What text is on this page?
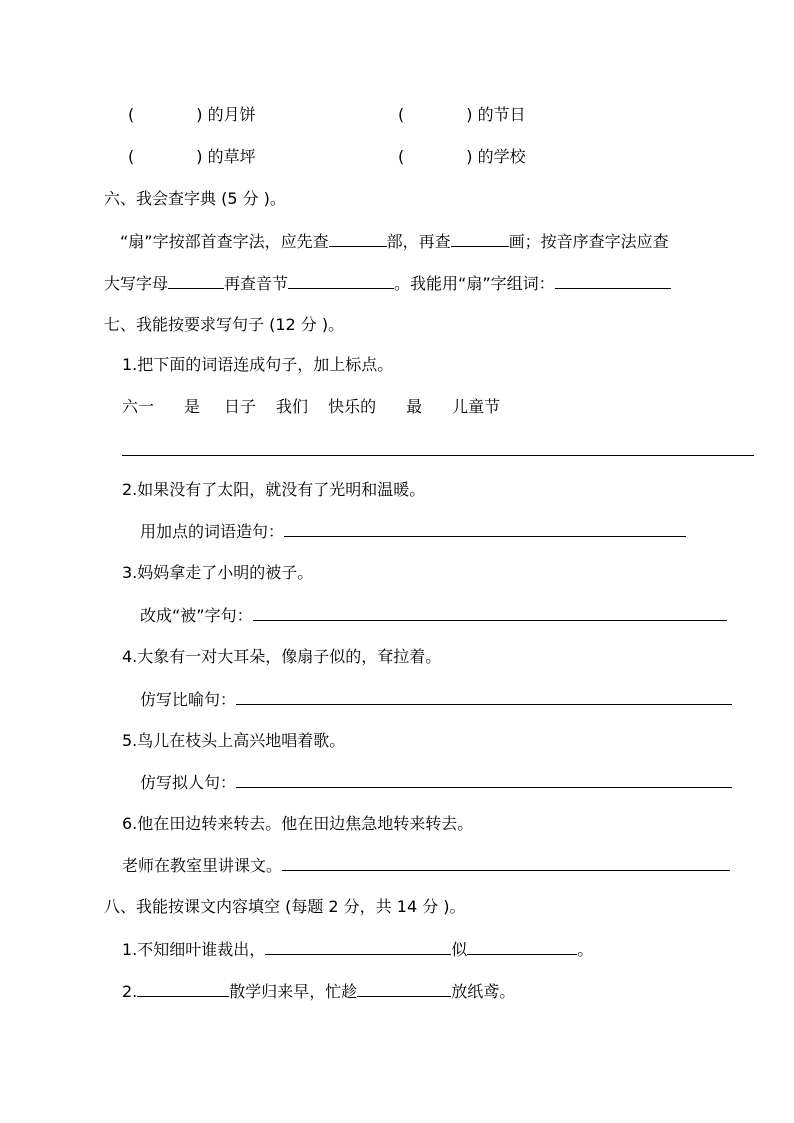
(	) 的月饼	(	) 的节日
(	) 的草坪	(	) 的学校
六、我会查字典 (5 分 )。
“扇”字按部首查字法，应先查	部，再查	画；按音序查字法应查
大写字母	再查音节	。我能用“扇”字组词：
七、我能按要求写句子 (12 分 )。
1.把下面的词语连成句子，加上标点。
六一 是 日子 我们 快乐的 最 儿童节
2.如果没有了太阳，就没有了光明和温暖。
用加点的词语造句：
3.妈妈拿走了小明的被子。
改成“被”字句：
4.大象有一对大耳朵，像扇子似的，耷拉着。
仿写比喻句：
5.鸟儿在枝头上高兴地唱着歌。
仿写拟人句：
6.他在田边转来转去。他在田边焦急地转来转去。
老师在教室里讲课文。
八、我能按课文内容填空 (每题 2 分，共 14 分 )。
1.不知细叶谁裁出，	似	。
2.	散学归来早，忙趁	放纸鸢。
